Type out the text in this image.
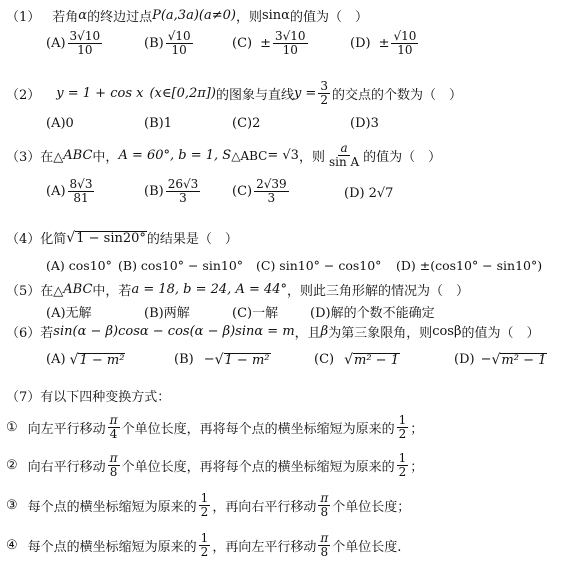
（1） 若角 α 的终边过点 P(a,3a)(a≠0) ，则 sinα 的值为（　）
$(A) \frac{3√10}{10}$	$(B) \frac{√10}{10}$	$(C) \pm \frac{3√10}{10}$	$(D) \pm \frac{√10}{10}$
（2） y = 1 + cos x (x∈[0,2π]) 的图象与直线 $y = \frac{3}{2}$ 的交点的个数为（　）
(A)0	(B)1	(C)2	(D)3
（3） 在△ ABC 中， A = 60°, b = 1, S △ABC = √3 ，则 $\frac{a}{\text{sin A}}$ 的值为（　）
$(A) \frac{8√3}{81}$	$(B) \frac{26√3}{3} (C) \frac{2√39}{3}$	(D) 2√7
（4） 化简 √ 1 − sin20° 的结果是（　）
(A) cos10° (B) cos10° − sin10° (C) sin10° − cos10° (D) ±(cos10° − sin10°)
（5） 在△ ABC 中，若 a = 18, b = 24, A = 44° ，则此三角形解的情况为（　）
(A)无解	(B)两解	(C)一解 (D)解的个数不能确定
（6） 若 sin(α − β)cosα − cos(α − β)sinα = m ，且 β 为第三象限角，则 cosβ 的值为（　）
(A) √ 1 − m²	(B) − √ 1 − m²	(C) √ m² − 1	(D) − √ m² − 1
（7） 有以下四种变换方式：
① 向左平行移动 $\frac{\pi}{4}$ 个单位长度，再将每个点的横坐标缩短为原来的 $\frac{1}{2}$ ；
② 向右平行移动 $\frac{\pi}{8}$ 个单位长度，再将每个点的横坐标缩短为原来的 $\frac{1}{2}$ ；
③ 每个点的横坐标缩短为原来的 $\frac{1}{2}$ ，再向右平行移动 $\frac{\pi}{8}$ 个单位长度；
④ 每个点的横坐标缩短为原来的 $\frac{1}{2}$ ，再向左平行移动 $\frac{\pi}{8}$ 个单位长度.
